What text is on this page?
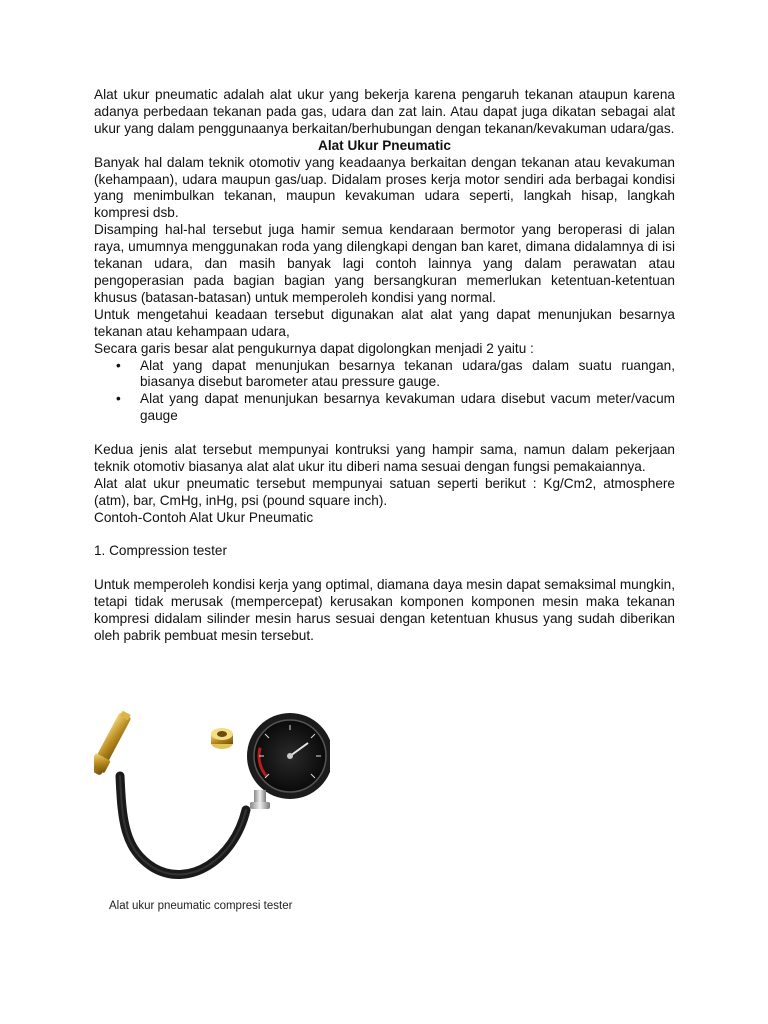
Alat ukur pneumatic adalah alat ukur yang bekerja karena pengaruh tekanan ataupun karena adanya perbedaan tekanan pada gas, udara dan zat lain. Atau dapat juga dikatan sebagai alat ukur yang dalam penggunaanya berkaitan/berhubungan dengan tekanan/kevakuman udara/gas.

Alat Ukur Pneumatic

Banyak hal dalam teknik otomotiv yang keadaanya berkaitan dengan tekanan atau kevakuman (kehampaan), udara maupun gas/uap. Didalam proses kerja motor sendiri ada berbagai kondisi yang menimbulkan tekanan, maupun kevakuman udara seperti, langkah hisap, langkah kompresi dsb.

Disamping hal-hal tersebut juga hamir semua kendaraan bermotor yang beroperasi di jalan raya, umumnya menggunakan roda yang dilengkapi dengan ban karet, dimana didalamnya di isi tekanan udara, dan masih banyak lagi contoh lainnya yang dalam perawatan atau pengoperasian pada bagian bagian yang bersangkuran memerlukan ketentuan-ketentuan khusus (batasan-batasan) untuk memperoleh kondisi yang normal.

Untuk mengetahui keadaan tersebut digunakan alat alat yang dapat menunjukan besarnya tekanan atau kehampaan udara,

Secara garis besar alat pengukurnya dapat digolongkan menjadi 2 yaitu :

• Alat yang dapat menunjukan besarnya tekanan udara/gas dalam suatu ruangan, biasanya disebut barometer atau pressure gauge.
• Alat yang dapat menunjukan besarnya kevakuman udara disebut vacum meter/vacum gauge

Kedua jenis alat tersebut mempunyai kontruksi yang hampir sama, namun dalam pekerjaan teknik otomotiv biasanya alat alat ukur itu diberi nama sesuai dengan fungsi pemakaiannya.

Alat alat ukur pneumatic tersebut mempunyai satuan seperti berikut : Kg/Cm2, atmosphere (atm), bar, CmHg, inHg, psi (pound square inch).

Contoh-Contoh Alat Ukur Pneumatic

1. Compression tester

Untuk memperoleh kondisi kerja yang optimal, diamana daya mesin dapat semaksimal mungkin, tetapi tidak merusak (mempercepat) kerusakan komponen komponen mesin maka tekanan kompresi didalam silinder mesin harus sesuai dengan ketentuan khusus yang sudah diberikan oleh pabrik pembuat mesin tersebut.

Alat ukur pneumatic compresi tester
